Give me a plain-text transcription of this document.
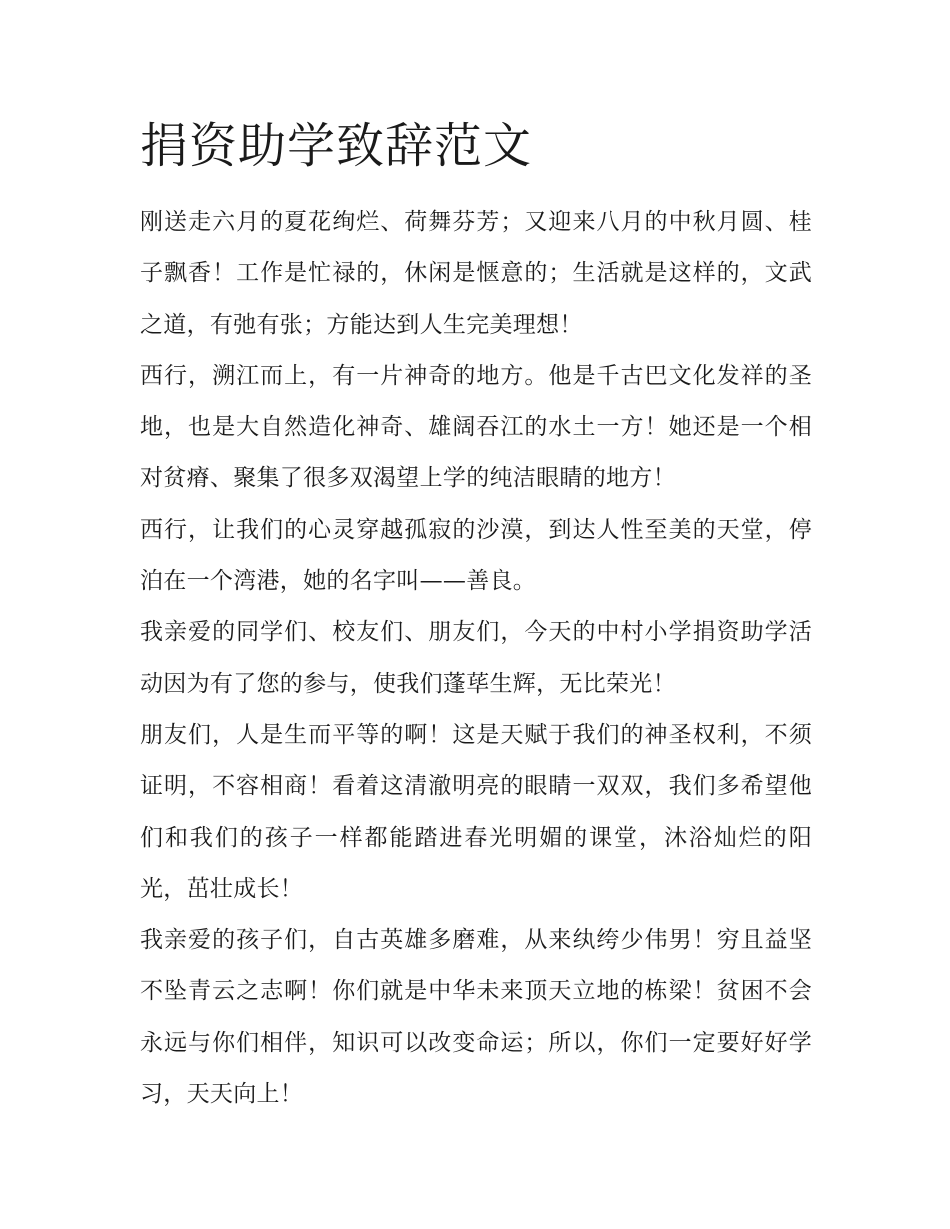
捐资助学致辞范文

刚送走六月的夏花绚烂、荷舞芬芳；又迎来八月的中秋月圆、桂子飘香！工作是忙禄的，休闲是惬意的；生活就是这样的，文武之道，有弛有张；方能达到人生完美理想！

西行，溯江而上，有一片神奇的地方。他是千古巴文化发祥的圣地，也是大自然造化神奇、雄阔吞江的水土一方！她还是一个相对贫瘠、聚集了很多双渴望上学的纯洁眼睛的地方！

西行，让我们的心灵穿越孤寂的沙漠，到达人性至美的天堂，停泊在一个湾港，她的名字叫——善良。

我亲爱的同学们、校友们、朋友们，今天的中村小学捐资助学活动因为有了您的参与，使我们蓬荜生辉，无比荣光！

朋友们，人是生而平等的啊！这是天赋于我们的神圣权利，不须证明，不容相商！看着这清澈明亮的眼睛一双双，我们多希望他们和我们的孩子一样都能踏进春光明媚的课堂，沐浴灿烂的阳光，茁壮成长！

我亲爱的孩子们，自古英雄多磨难，从来纨绔少伟男！穷且益坚不坠青云之志啊！你们就是中华未来顶天立地的栋梁！贫困不会永远与你们相伴，知识可以改变命运；所以，你们一定要好好学习，天天向上！
